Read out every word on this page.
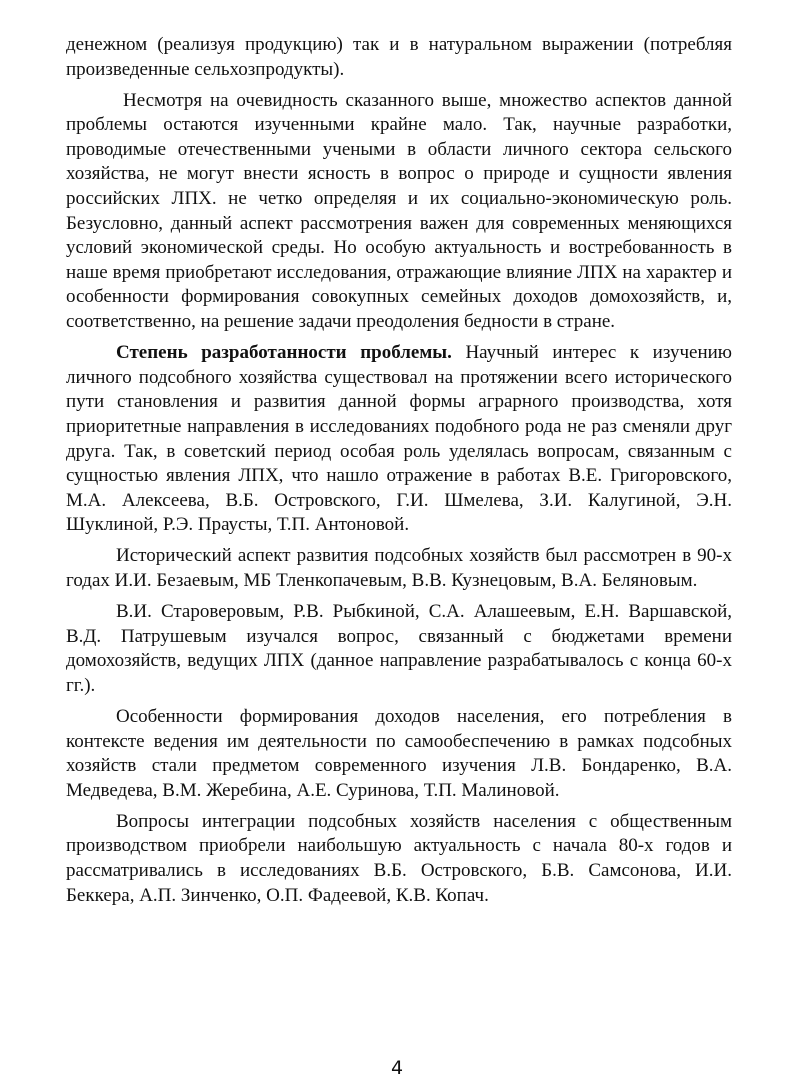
денежном (реализуя продукцию) так и в натуральном выражении (потребляя произведенные сельхозпродукты).

Несмотря на очевидность сказанного выше, множество аспектов данной проблемы остаются изученными крайне мало. Так, научные разработки, проводимые отечественными учеными в области личного сектора сельского хозяйства, не могут внести ясность в вопрос о природе и сущности явления российских ЛПХ. не четко определяя и их социально-экономическую роль. Безусловно, данный аспект рассмотрения важен для современных меняющихся условий экономической среды. Но особую актуальность и востребованность в наше время приобретают исследования, отражающие влияние ЛПХ на характер и особенности формирования совокупных семейных доходов домохозяйств, и, соответственно, на решение задачи преодоления бедности в стране.

Степень разработанности проблемы. Научный интерес к изучению личного подсобного хозяйства существовал на протяжении всего исторического пути становления и развития данной формы аграрного производства, хотя приоритетные направления в исследованиях подобного рода не раз сменяли друг друга. Так, в советский период особая роль уделялась вопросам, связанным с сущностью явления ЛПХ, что нашло отражение в работах В.Е. Григоровского, М.А. Алексеева, В.Б. Островского, Г.И. Шмелева, З.И. Калугиной, Э.Н. Шуклиной, Р.Э. Праусты, Т.П. Антоновой.

Исторический аспект развития подсобных хозяйств был рассмотрен в 90-х годах И.И. Безаевым, МБ Тленкопачевым, В.В. Кузнецовым, В.А. Беляновым.

В.И. Староверовым, Р.В. Рыбкиной, С.А. Алашеевым, Е.Н. Варшавской, В.Д. Патрушевым изучался вопрос, связанный с бюджетами времени домохозяйств, ведущих ЛПХ (данное направление разрабатывалось с конца 60-х гг.).

Особенности формирования доходов населения, его потребления в контексте ведения им деятельности по самообеспечению в рамках подсобных хозяйств стали предметом современного изучения Л.В. Бондаренко, В.А. Медведева, В.М. Жеребина, А.Е. Суринова, Т.П. Малиновой.

Вопросы интеграции подсобных хозяйств населения с общественным производством приобрели наибольшую актуальность с начала 80-х годов и рассматривались в исследованиях В.Б. Островского, Б.В. Самсонова, И.И. Беккера, А.П. Зинченко, О.П. Фадеевой, К.В. Копач.

4
